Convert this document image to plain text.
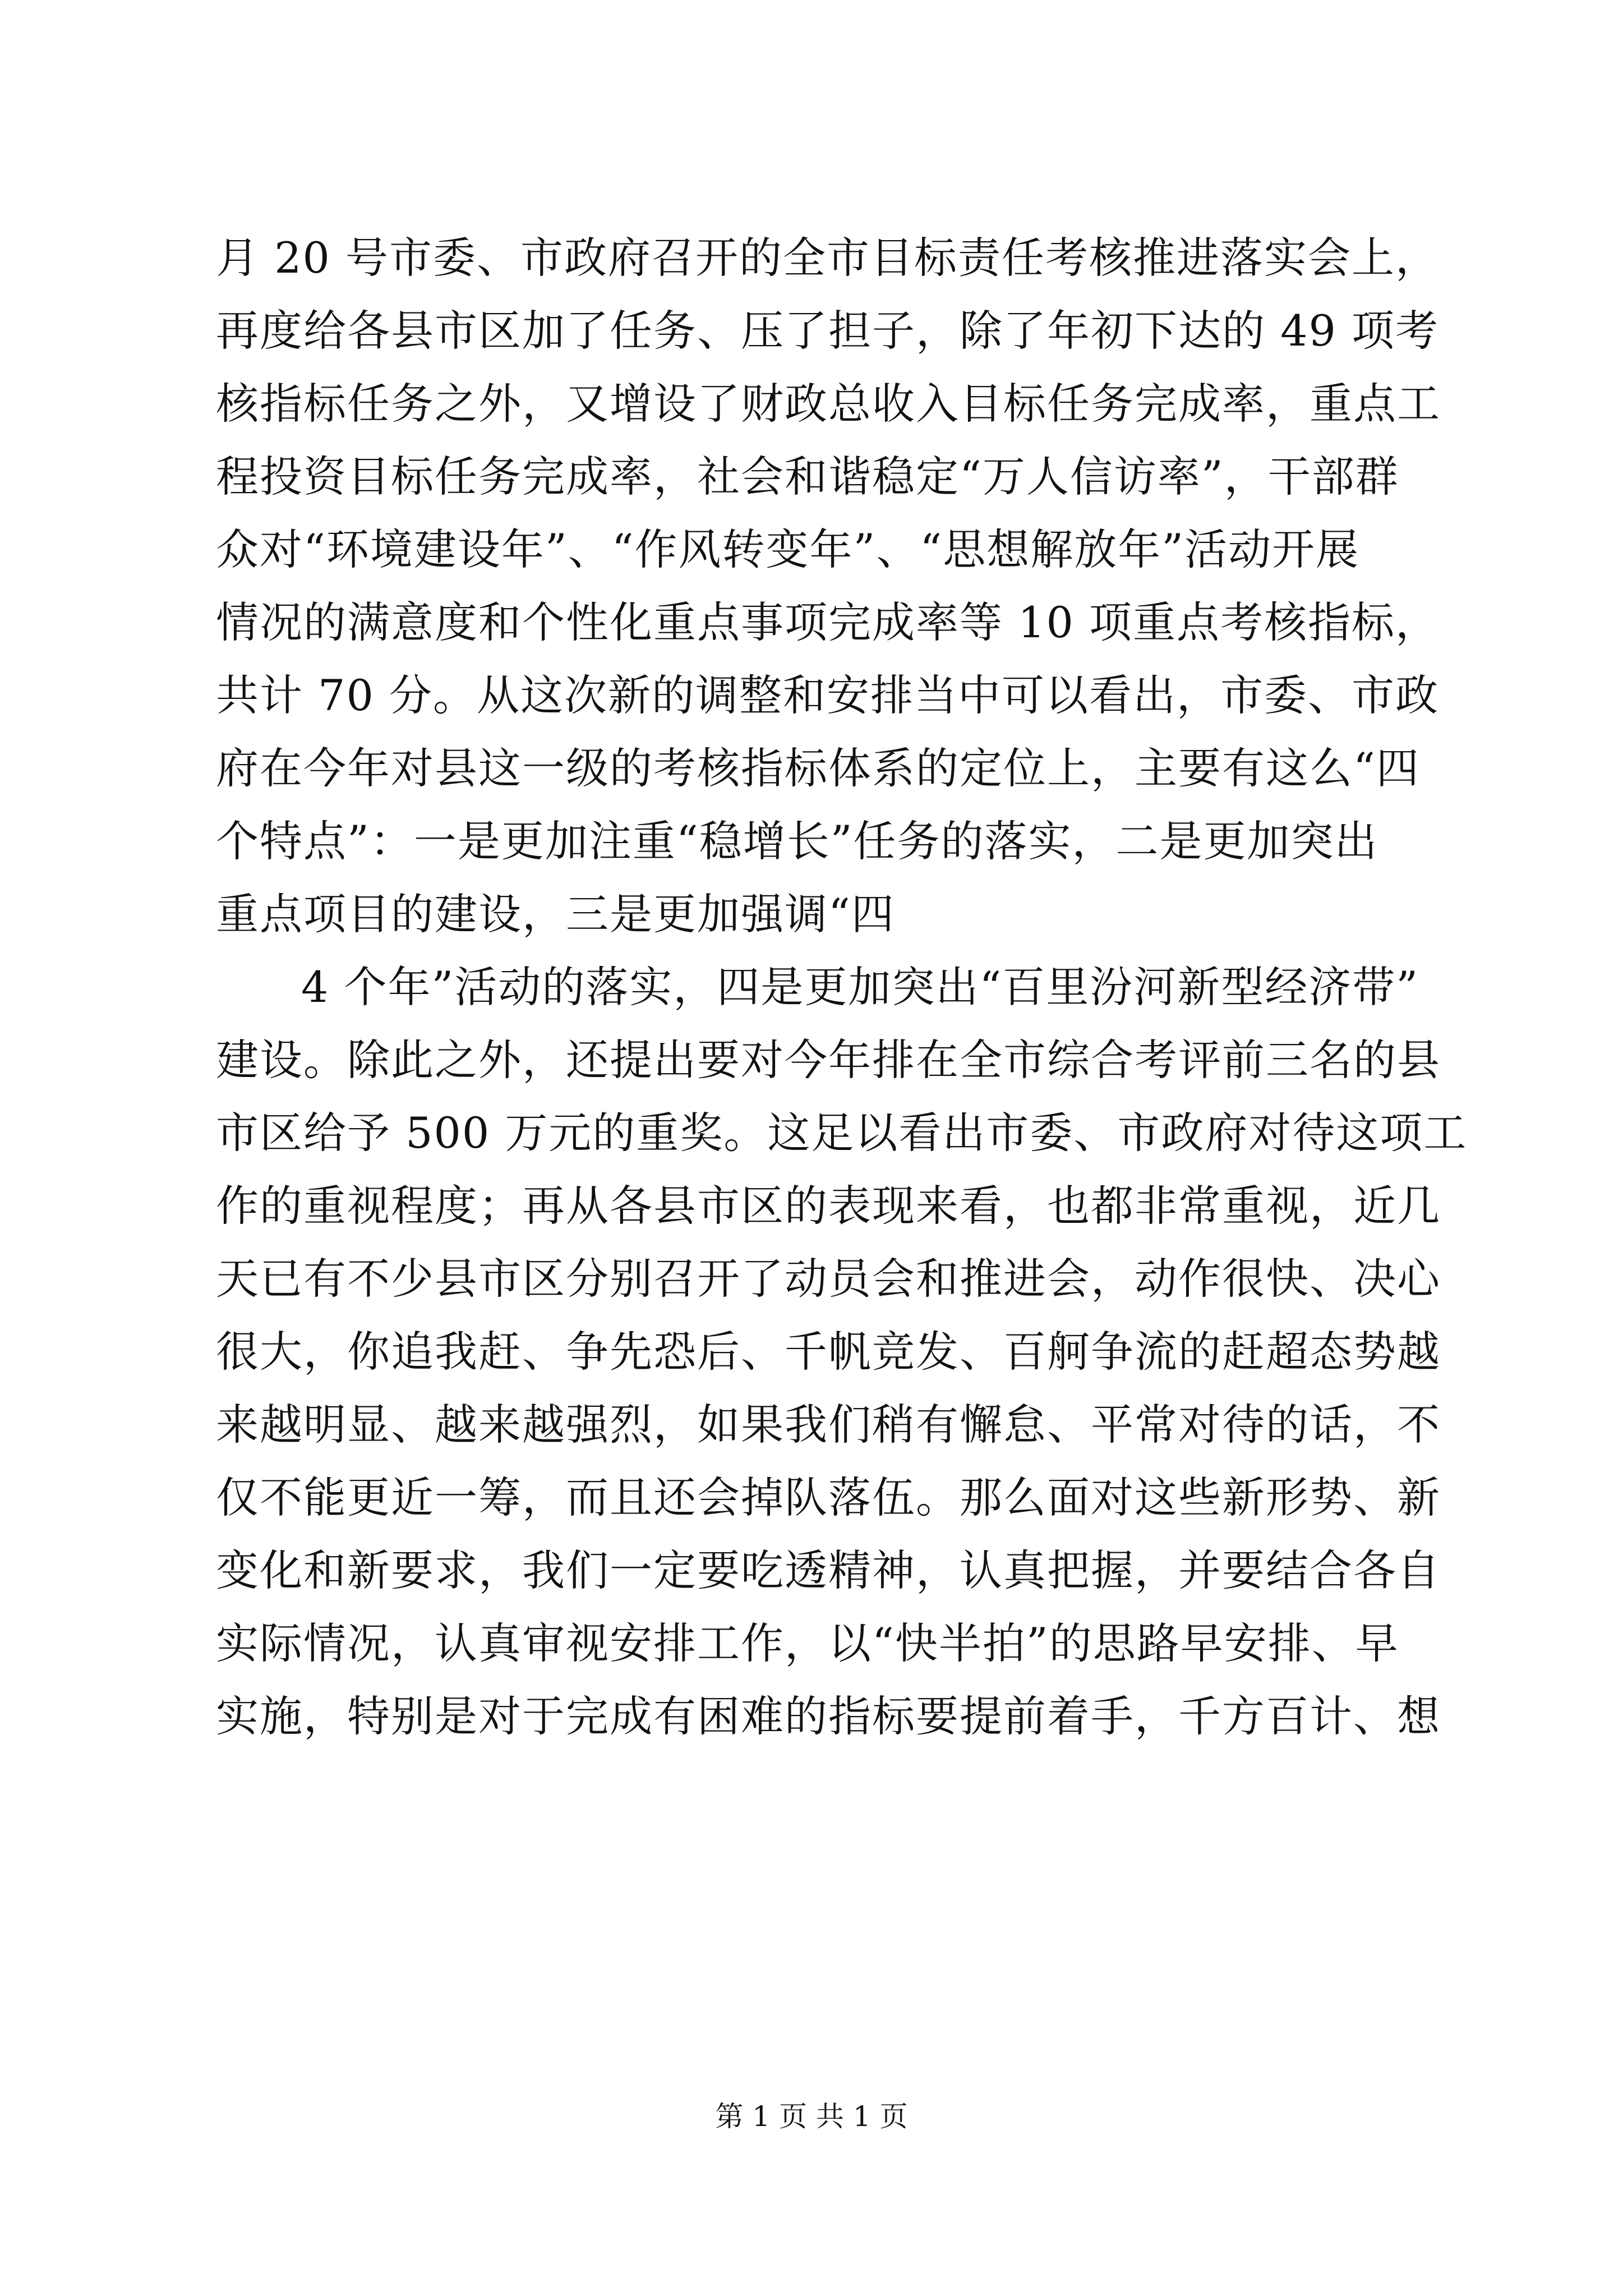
月 20 号市委、市政府召开的全市目标责任考核推进落实会上，
再度给各县市区加了任务、压了担子，除了年初下达的 49 项考
核指标任务之外，又增设了财政总收入目标任务完成率，重点工
程投资目标任务完成率，社会和谐稳定“万人信访率”，干部群
众对“环境建设年”、“作风转变年”、“思想解放年”活动开展
情况的满意度和个性化重点事项完成率等 10 项重点考核指标，
共计 70 分。从这次新的调整和安排当中可以看出，市委、市政
府在今年对县这一级的考核指标体系的定位上，主要有这么“四
个特点”：一是更加注重“稳增长”任务的落实，二是更加突出
重点项目的建设，三是更加强调“四
4 个年”活动的落实，四是更加突出“百里汾河新型经济带”
建设。除此之外，还提出要对今年排在全市综合考评前三名的县
市区给予 500 万元的重奖。这足以看出市委、市政府对待这项工
作的重视程度；再从各县市区的表现来看，也都非常重视，近几
天已有不少县市区分别召开了动员会和推进会，动作很快、决心
很大，你追我赶、争先恐后、千帆竞发、百舸争流的赶超态势越
来越明显、越来越强烈，如果我们稍有懈怠、平常对待的话，不
仅不能更近一筹，而且还会掉队落伍。那么面对这些新形势、新
变化和新要求，我们一定要吃透精神，认真把握，并要结合各自
实际情况，认真审视安排工作，以“快半拍”的思路早安排、早
实施，特别是对于完成有困难的指标要提前着手，千方百计、想
第 1 页 共 1 页
